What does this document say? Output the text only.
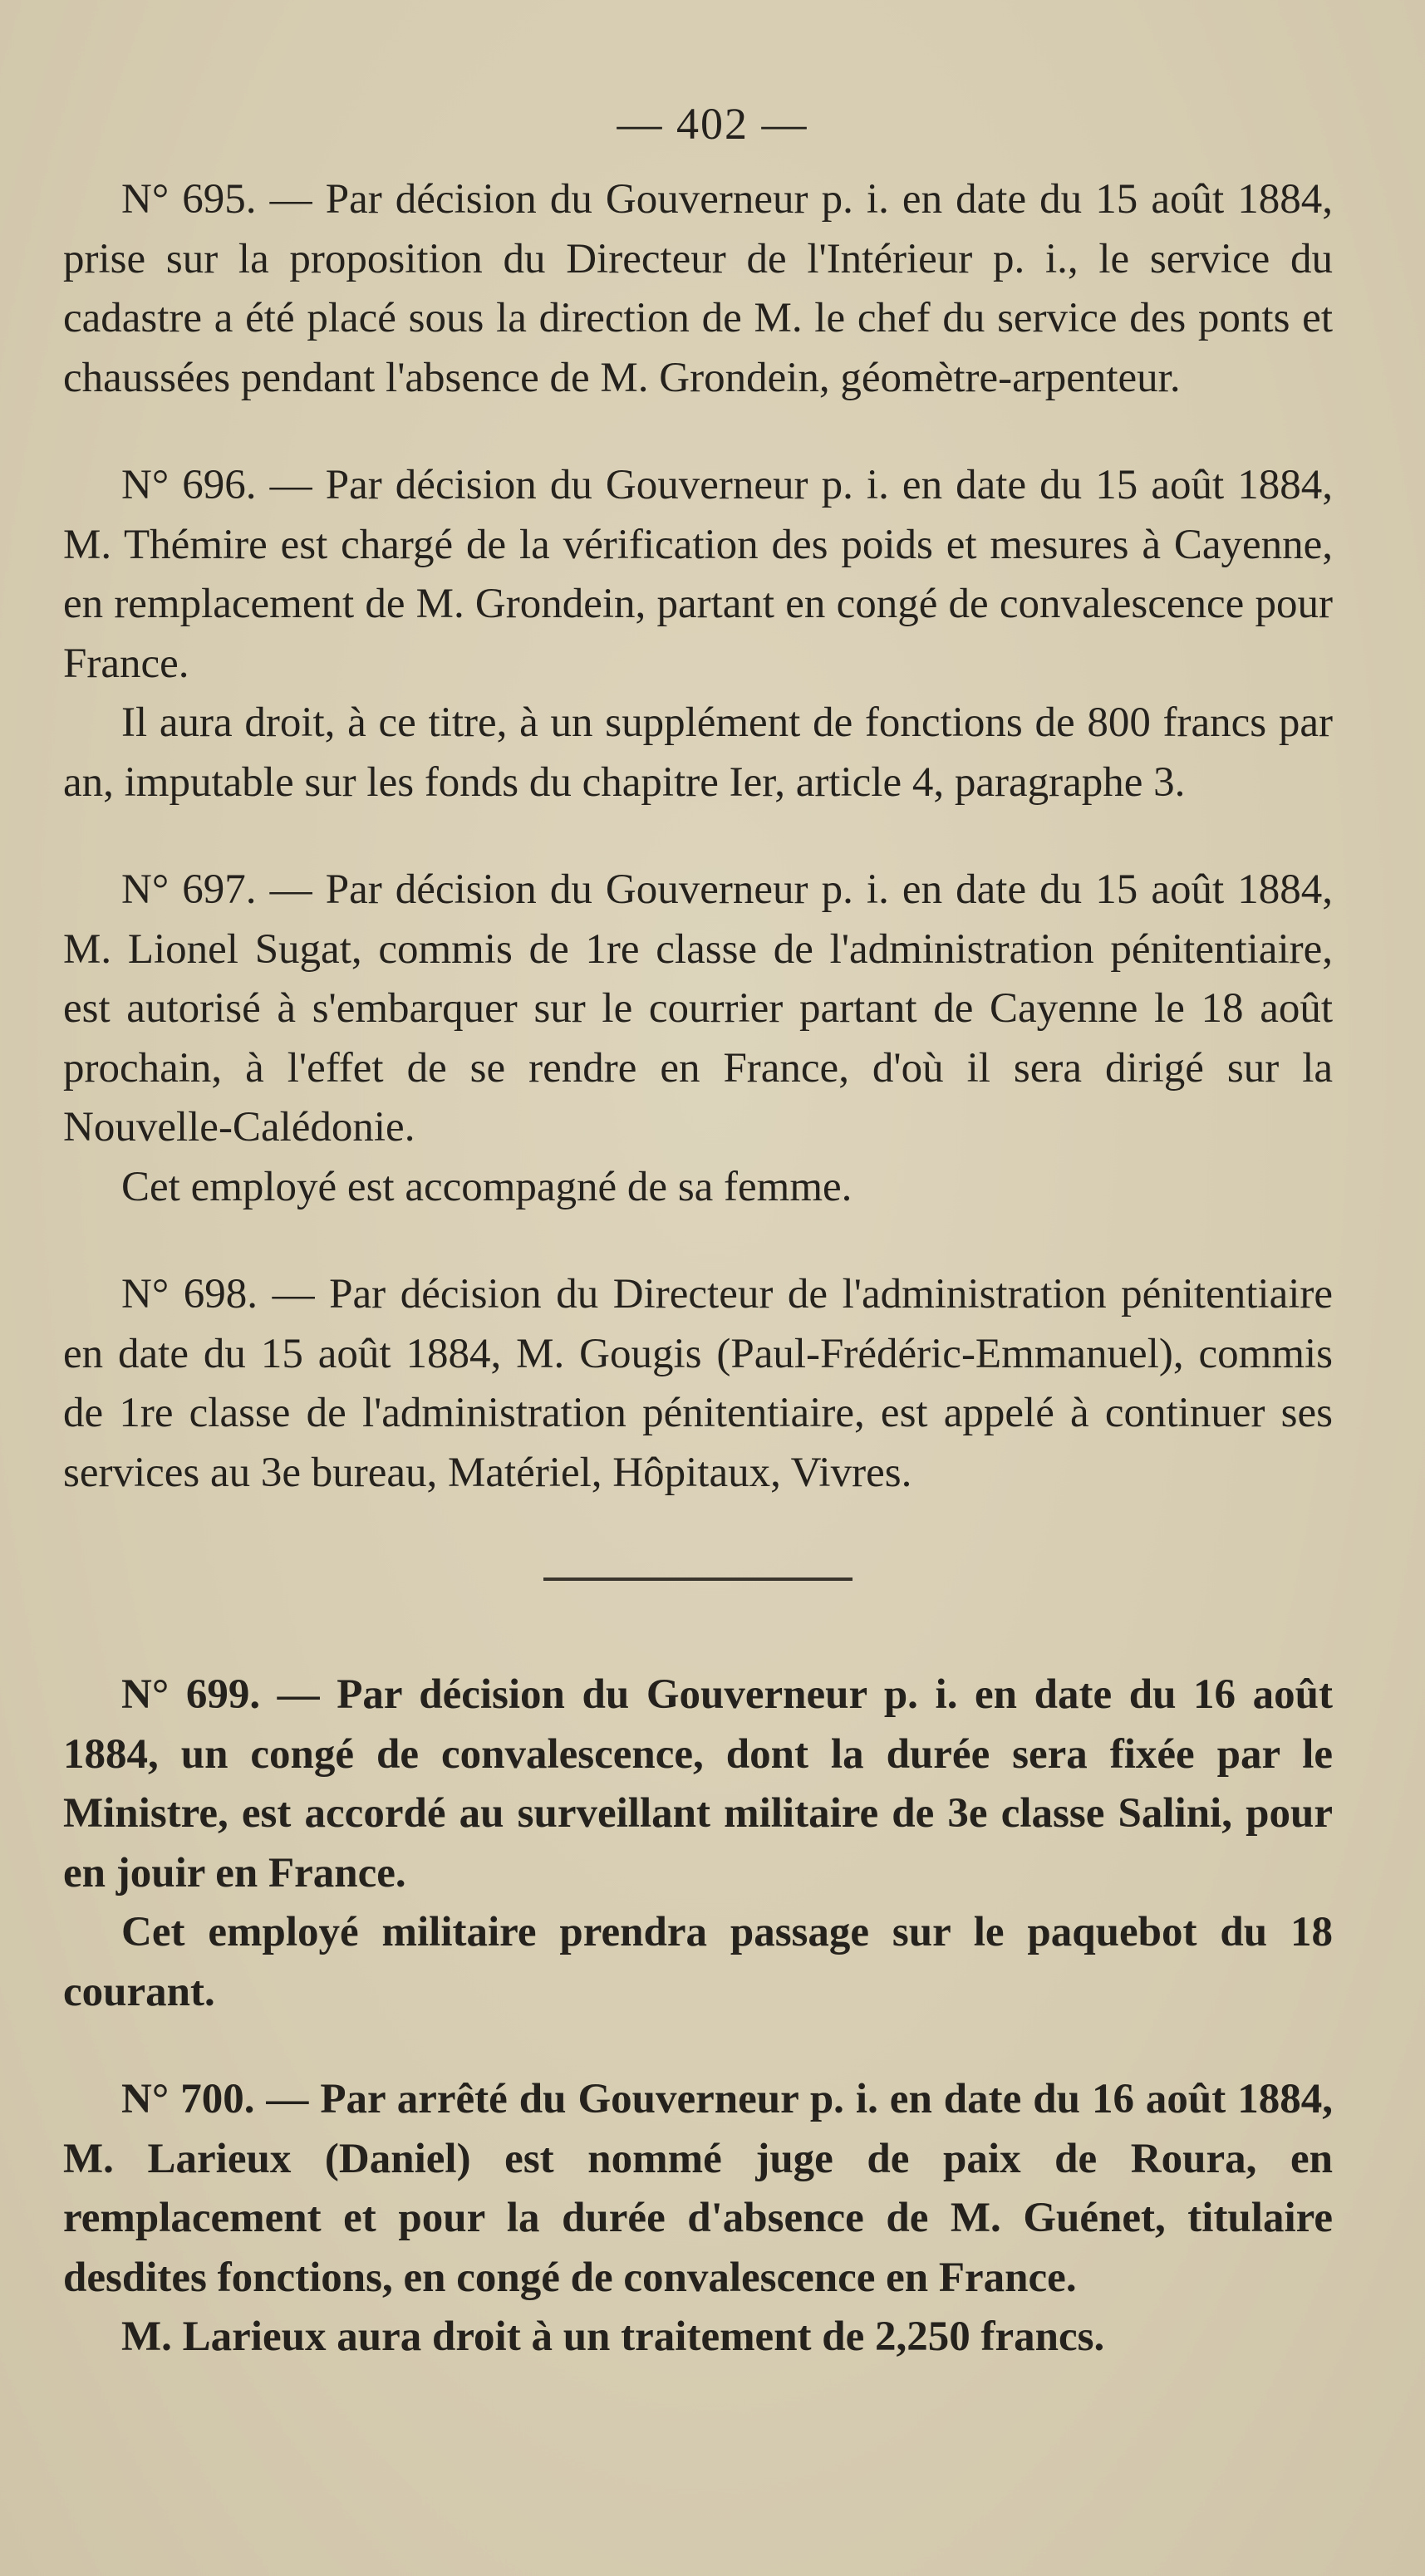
— 402 —

N° 695. — Par décision du Gouverneur p. i. en date du 15 août 1884, prise sur la proposition du Directeur de l'Intérieur p. i., le service du cadastre a été placé sous la direction de M. le chef du service des ponts et chaussées pendant l'absence de M. Grondein, géomètre-arpenteur.

N° 696. — Par décision du Gouverneur p. i. en date du 15 août 1884, M. Thémire est chargé de la vérification des poids et mesures à Cayenne, en remplacement de M. Grondein, partant en congé de convalescence pour France.

Il aura droit, à ce titre, à un supplément de fonctions de 800 francs par an, imputable sur les fonds du chapitre Ier, article 4, paragraphe 3.

N° 697. — Par décision du Gouverneur p. i. en date du 15 août 1884, M. Lionel Sugat, commis de 1re classe de l'administration pénitentiaire, est autorisé à s'embarquer sur le courrier partant de Cayenne le 18 août prochain, à l'effet de se rendre en France, d'où il sera dirigé sur la Nouvelle-Calédonie.

Cet employé est accompagné de sa femme.

N° 698. — Par décision du Directeur de l'administration pénitentiaire en date du 15 août 1884, M. Gougis (Paul-Frédéric-Emmanuel), commis de 1re classe de l'administration pénitentiaire, est appelé à continuer ses services au 3e bureau, Matériel, Hôpitaux, Vivres.

N° 699. — Par décision du Gouverneur p. i. en date du 16 août 1884, un congé de convalescence, dont la durée sera fixée par le Ministre, est accordé au surveillant militaire de 3e classe Salini, pour en jouir en France.

Cet employé militaire prendra passage sur le paquebot du 18 courant.

N° 700. — Par arrêté du Gouverneur p. i. en date du 16 août 1884, M. Larieux (Daniel) est nommé juge de paix de Roura, en remplacement et pour la durée d'absence de M. Guénet, titulaire desdites fonctions, en congé de convalescence en France.

M. Larieux aura droit à un traitement de 2,250 francs.
